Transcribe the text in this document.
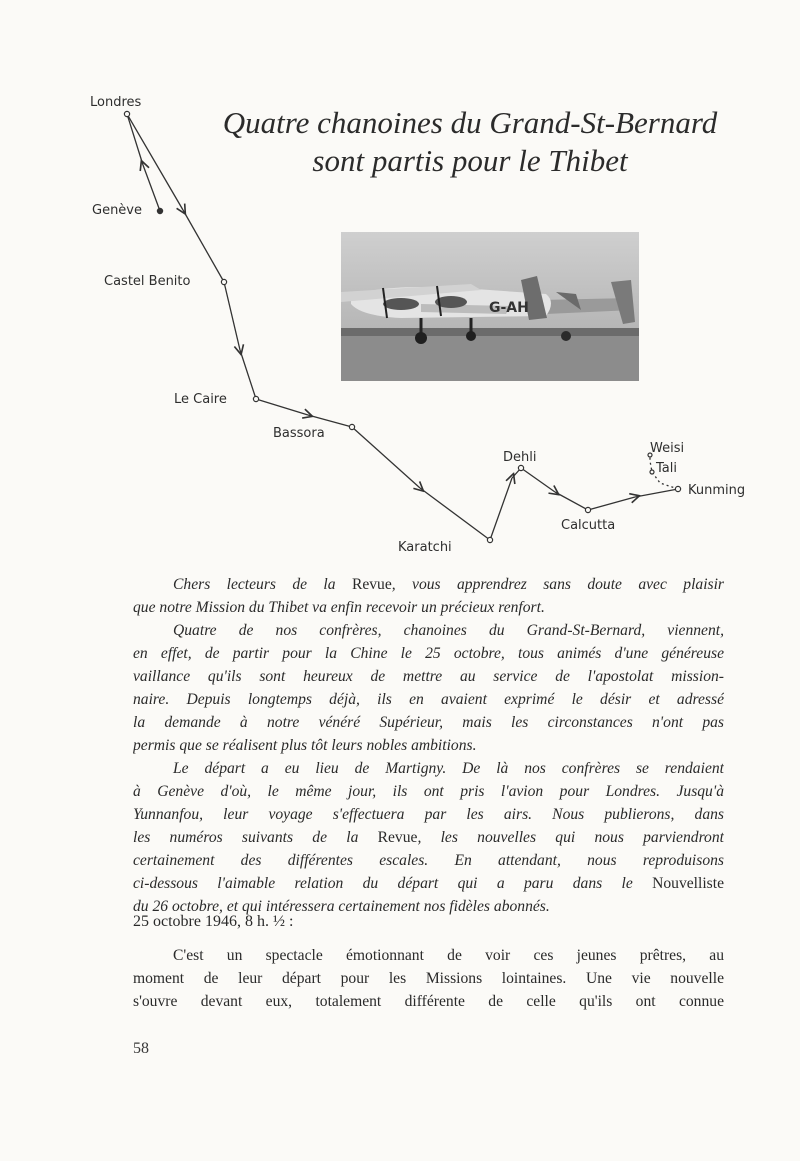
Quatre chanoines du Grand-St-Bernard
sont partis pour le Thibet
Londres
Genève
Castel Benito
Le Caire
Bassora
Karatchi
Dehli
Calcutta
Weisi
Tali
Kunming
G-AH
Chers lecteurs de la Revue, vous apprendrez sans doute avec plaisir
que notre Mission du Thibet va enfin recevoir un précieux renfort.
Quatre de nos confrères, chanoines du Grand-St-Bernard, viennent,
en effet, de partir pour la Chine le 25 octobre, tous animés d'une généreuse
vaillance qu'ils sont heureux de mettre au service de l'apostolat mission-
naire. Depuis longtemps déjà, ils en avaient exprimé le désir et adressé
la demande à notre vénéré Supérieur, mais les circonstances n'ont pas
permis que se réalisent plus tôt leurs nobles ambitions.
Le départ a eu lieu de Martigny. De là nos confrères se rendaient
à Genève d'où, le même jour, ils ont pris l'avion pour Londres. Jusqu'à
Yunnanfou, leur voyage s'effectuera par les airs. Nous publierons, dans
les numéros suivants de la Revue, les nouvelles qui nous parviendront
certainement des différentes escales. En attendant, nous reproduisons
ci-dessous l'aimable relation du départ qui a paru dans le Nouvelliste
du 26 octobre, et qui intéressera certainement nos fidèles abonnés.
25 octobre 1946, 8 h. ½ :
C'est un spectacle émotionnant de voir ces jeunes prêtres, au
moment de leur départ pour les Missions lointaines. Une vie nouvelle
s'ouvre devant eux, totalement différente de celle qu'ils ont connue
58
